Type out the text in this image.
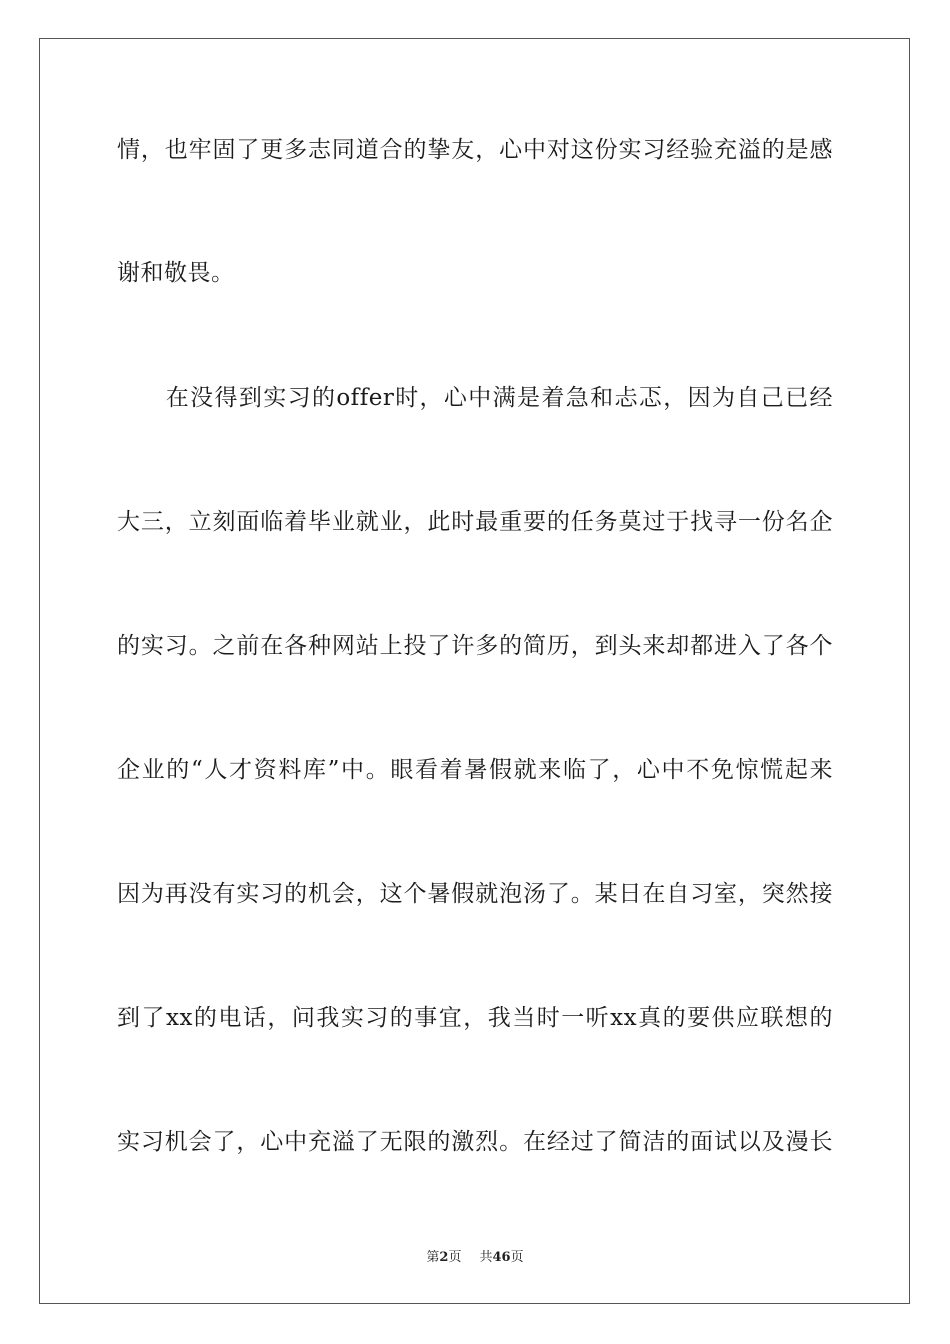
情，也牢固了更多志同道合的挚友，心中对这份实习经验充溢的是感
谢和敬畏。
　　在没得到实习的offer时，心中满是着急和忐忑，因为自己已经
大三，立刻面临着毕业就业，此时最重要的任务莫过于找寻一份名企
的实习。之前在各种网站上投了许多的简历，到头来却都进入了各个
企业的“人才资料库”中。眼看着暑假就来临了，心中不免惊慌起来
因为再没有实习的机会，这个暑假就泡汤了。某日在自习室，突然接
到了xx的电话，问我实习的事宜，我当时一听xx真的要供应联想的
实习机会了，心中充溢了无限的激烈。在经过了简洁的面试以及漫长
第2页 共46页
